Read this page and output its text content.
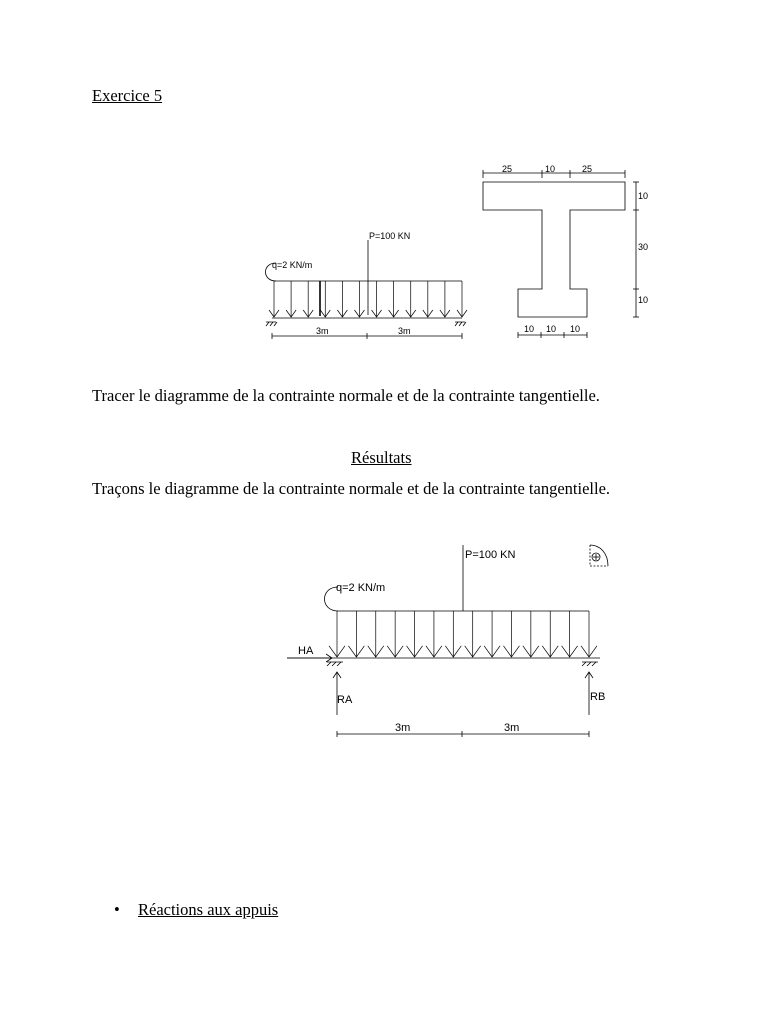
Exercice 5
q=2 KN/m
P=100 KN
3m	3m
25	10	25
10
30
10
10 10 10
Tracer le diagramme de la contrainte normale et de la contrainte tangentielle.
Résultats
Traçons le diagramme de la contrainte normale et de la contrainte tangentielle.
P=100 KN
q=2 KN/m
HA
RA	RB
3m	3m
• Réactions aux appuis
